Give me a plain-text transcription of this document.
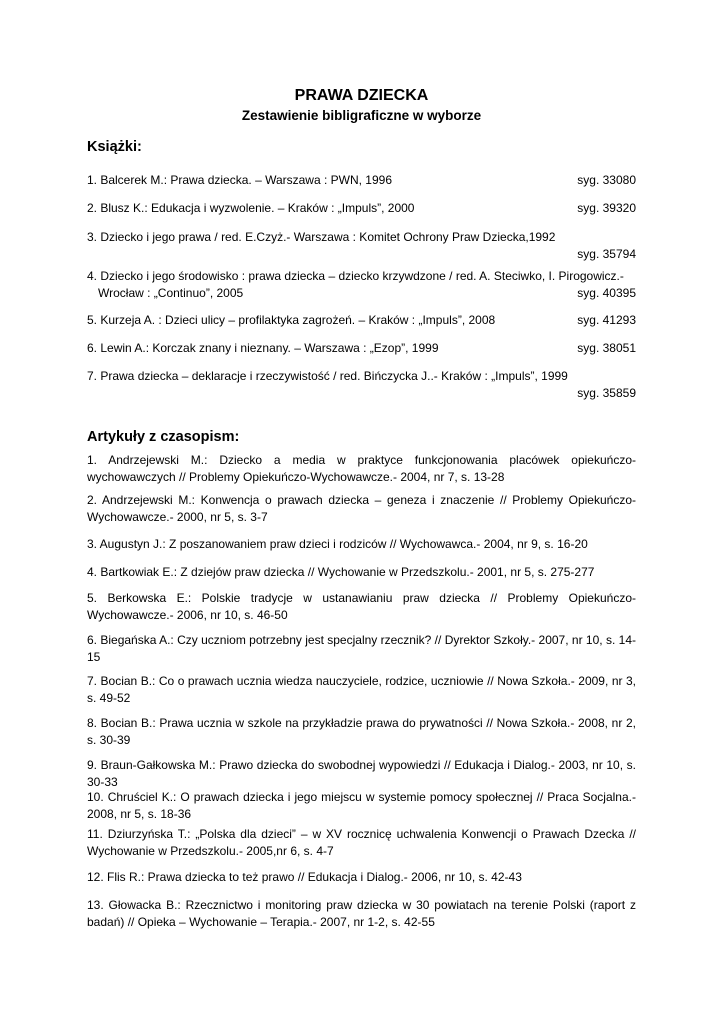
PRAWA DZIECKA
Zestawienie bibligraficzne w wyborze
Książki:
1. Balcerek M.: Prawa dziecka. – Warszawa : PWN, 1996	syg. 33080
2. Blusz K.: Edukacja i wyzwolenie. – Kraków : „Impuls”, 2000	syg. 39320
3. Dziecko i jego prawa / red. E.Czyż.- Warszawa : Komitet Ochrony Praw Dziecka,1992
syg. 35794
4. Dziecko i jego środowisko : prawa dziecka – dziecko krzywdzone / red. A. Steciwko, I. Pirogowicz.-
Wrocław : „Continuo”, 2005	syg. 40395
5. Kurzeja A. : Dzieci ulicy – profilaktyka zagrożeń. – Kraków : „Impuls”, 2008	syg. 41293
6. Lewin A.: Korczak znany i nieznany. – Warszawa : „Ezop”, 1999	syg. 38051
7. Prawa dziecka – deklaracje i rzeczywistość / red. Bińczycka J..- Kraków : „Impuls”, 1999
syg. 35859
Artykuły z czasopism:
1. Andrzejewski M.: Dziecko a media w praktyce funkcjonowania placówek opiekuńczo-wychowawczych // Problemy Opiekuńczo-Wychowawcze.- 2004, nr 7, s. 13-28
2. Andrzejewski M.: Konwencja o prawach dziecka – geneza i znaczenie // Problemy Opiekuńczo-Wychowawcze.- 2000, nr 5, s. 3-7
3. Augustyn J.: Z poszanowaniem praw dzieci i rodziców // Wychowawca.- 2004, nr 9, s. 16-20
4. Bartkowiak E.: Z dziejów praw dziecka // Wychowanie w Przedszkolu.- 2001, nr 5, s. 275-277
5. Berkowska E.: Polskie tradycje w ustanawianiu praw dziecka // Problemy Opiekuńczo-Wychowawcze.- 2006, nr 10, s. 46-50
6. Biegańska A.: Czy uczniom potrzebny jest specjalny rzecznik? // Dyrektor Szkoły.- 2007, nr 10, s. 14-15
7. Bocian B.: Co o prawach ucznia wiedza nauczyciele, rodzice, uczniowie // Nowa Szkoła.- 2009, nr 3, s. 49-52
8. Bocian B.: Prawa ucznia w szkole na przykładzie prawa do prywatności // Nowa Szkoła.- 2008, nr 2, s. 30-39
9. Braun-Gałkowska M.: Prawo dziecka do swobodnej wypowiedzi // Edukacja i Dialog.- 2003, nr 10, s. 30-33
10. Chruściel K.: O prawach dziecka i jego miejscu w systemie pomocy społecznej // Praca Socjalna.- 2008, nr 5, s. 18-36
11. Dziurzyńska T.: „Polska dla dzieci” – w XV rocznicę uchwalenia Konwencji o Prawach Dzecka // Wychowanie w Przedszkolu.- 2005,nr 6, s. 4-7
12. Flis R.: Prawa dziecka to też prawo // Edukacja i Dialog.- 2006, nr 10, s. 42-43
13. Głowacka B.: Rzecznictwo i monitoring praw dziecka w 30 powiatach na terenie Polski (raport z badań) // Opieka – Wychowanie – Terapia.- 2007, nr 1-2, s. 42-55
